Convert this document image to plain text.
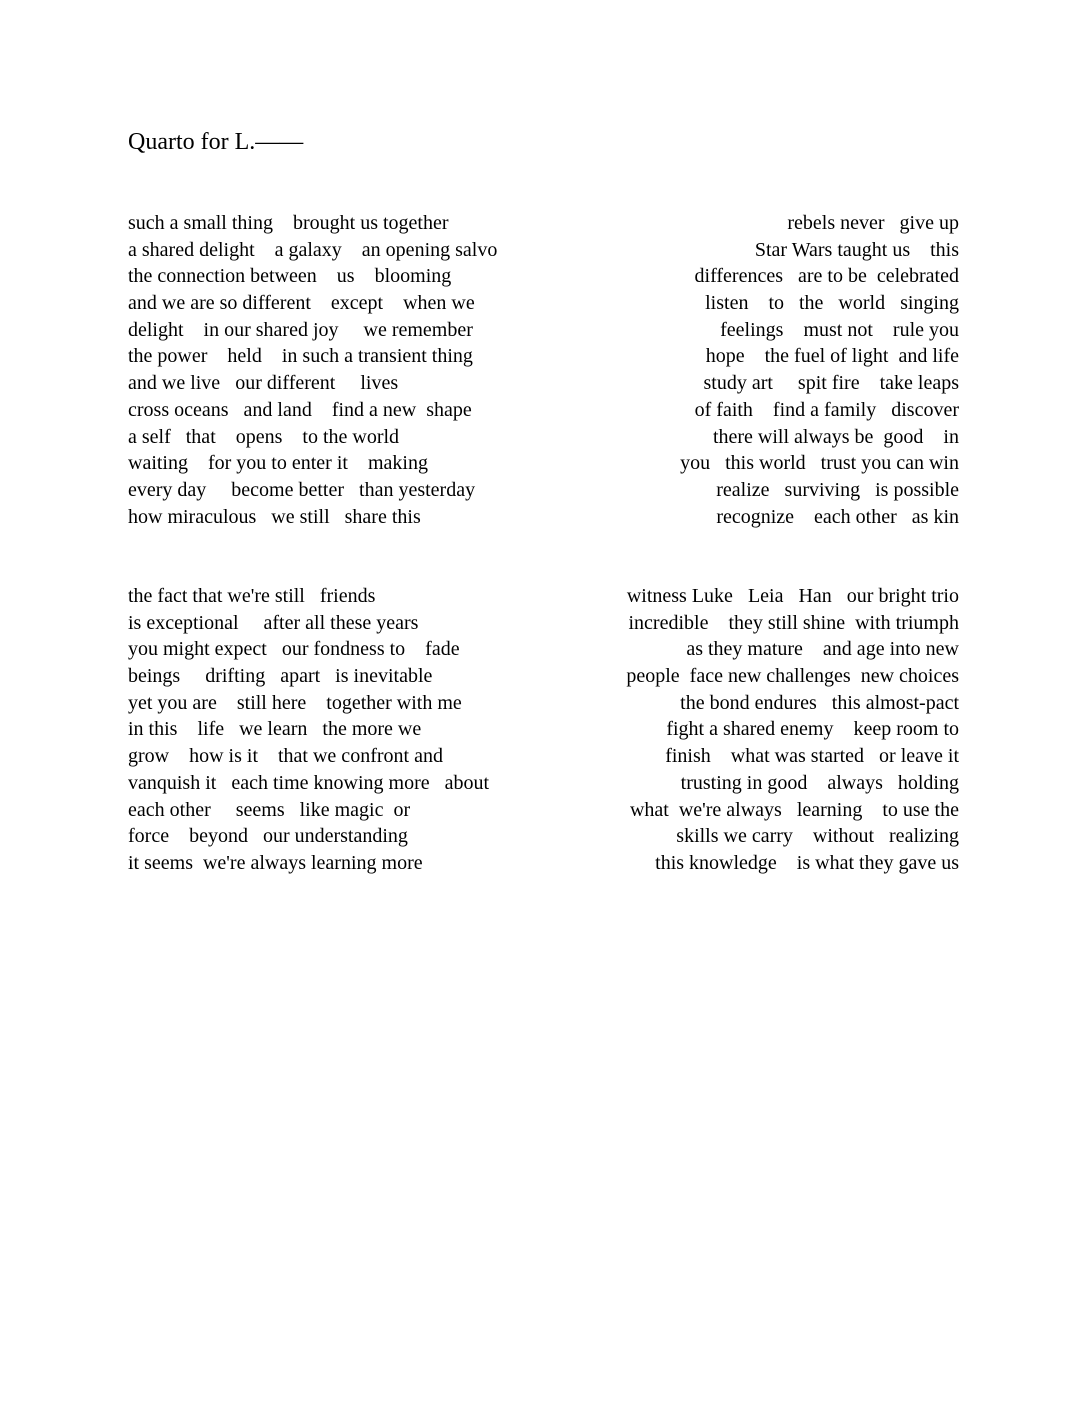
Quarto for L.——
such a small thing    brought us together
a shared delight    a galaxy    an opening salvo
the connection between    us    blooming
and we are so different    except    when we
delight    in our shared joy     we remember
the power    held    in such a transient thing
and we live   our different     lives
cross oceans   and land    find a new  shape
a self   that    opens    to the world
waiting    for you to enter it    making
every day     become better   than yesterday
how miraculous   we still   share this
rebels never   give up
Star Wars taught us    this
differences   are to be  celebrated
listen    to   the   world   singing
feelings    must not    rule you
hope    the fuel of light  and life
study art     spit fire    take leaps
of faith    find a family   discover
there will always be  good    in
you   this world   trust you can win
realize   surviving   is possible
recognize    each other   as kin
the fact that we're still   friends
is exceptional     after all these years
you might expect   our fondness to    fade
beings     drifting   apart   is inevitable
yet you are    still here    together with me
in this    life   we learn   the more we
grow    how is it    that we confront and
vanquish it   each time knowing more   about
each other     seems   like magic  or
force    beyond   our understanding
it seems  we're always learning more
witness Luke   Leia   Han   our bright trio
incredible    they still shine  with triumph
as they mature    and age into new
people  face new challenges  new choices
the bond endures   this almost-pact
fight a shared enemy    keep room to
finish    what was started   or leave it
trusting in good    always   holding
what  we're always   learning    to use the
skills we carry    without   realizing
this knowledge    is what they gave us
